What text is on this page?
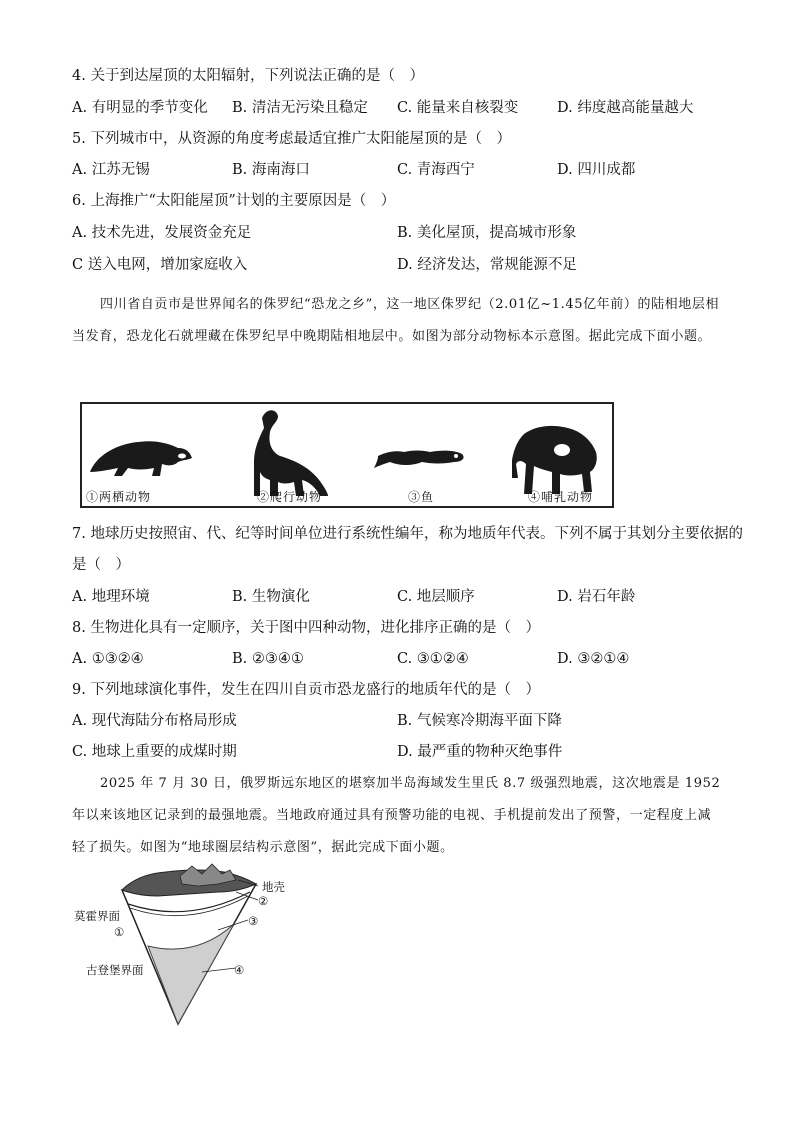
4. 关于到达屋顶的太阳辐射，下列说法正确的是（　）
A. 有明显的季节变化 B. 清洁无污染且稳定 C. 能量来自核裂变	D. 纬度越高能量越大
5. 下列城市中，从资源的角度考虑最适宜推广太阳能屋顶的是（　）
A. 江苏无锡	B. 海南海口	C. 青海西宁	D. 四川成都
6. 上海推广“太阳能屋顶”计划的主要原因是（　）
A. 技术先进，发展资金充足	B. 美化屋顶，提高城市形象
C 送入电网，增加家庭收入	D. 经济发达，常规能源不足
四川省自贡市是世界闻名的侏罗纪“恐龙之乡”，这一地区侏罗纪（2.01亿~1.45亿年前）的陆相地层相当发育，恐龙化石就埋藏在侏罗纪早中晚期陆相地层中。如图为部分动物标本示意图。据此完成下面小题。
①两栖动物	②爬行动物	③鱼	④哺乳动物
7. 地球历史按照宙、代、纪等时间单位进行系统性编年，称为地质年代表。下列不属于其划分主要依据的
是（　）
A. 地理环境	B. 生物演化	C. 地层顺序	D. 岩石年龄
8. 生物进化具有一定顺序，关于图中四种动物，进化排序正确的是（　）
A. ①③②④	B. ②③④①	C. ③①②④	D. ③②①④
9. 下列地球演化事件，发生在四川自贡市恐龙盛行的地质年代的是（　）
A. 现代海陆分布格局形成	B. 气候寒冷期海平面下降
C. 地球上重要的成煤时期	D. 最严重的物种灭绝事件
2025 年 7 月 30 日，俄罗斯远东地区的堪察加半岛海域发生里氏 8.7 级强烈地震，这次地震是 1952 年以来该地区记录到的最强地震。当地政府通过具有预警功能的电视、手机提前发出了预警，一定程度上减轻了损失。如图为“地球圈层结构示意图”，据此完成下面小题。
地壳
②
莫霍界面	③
①
古登堡界面	④
